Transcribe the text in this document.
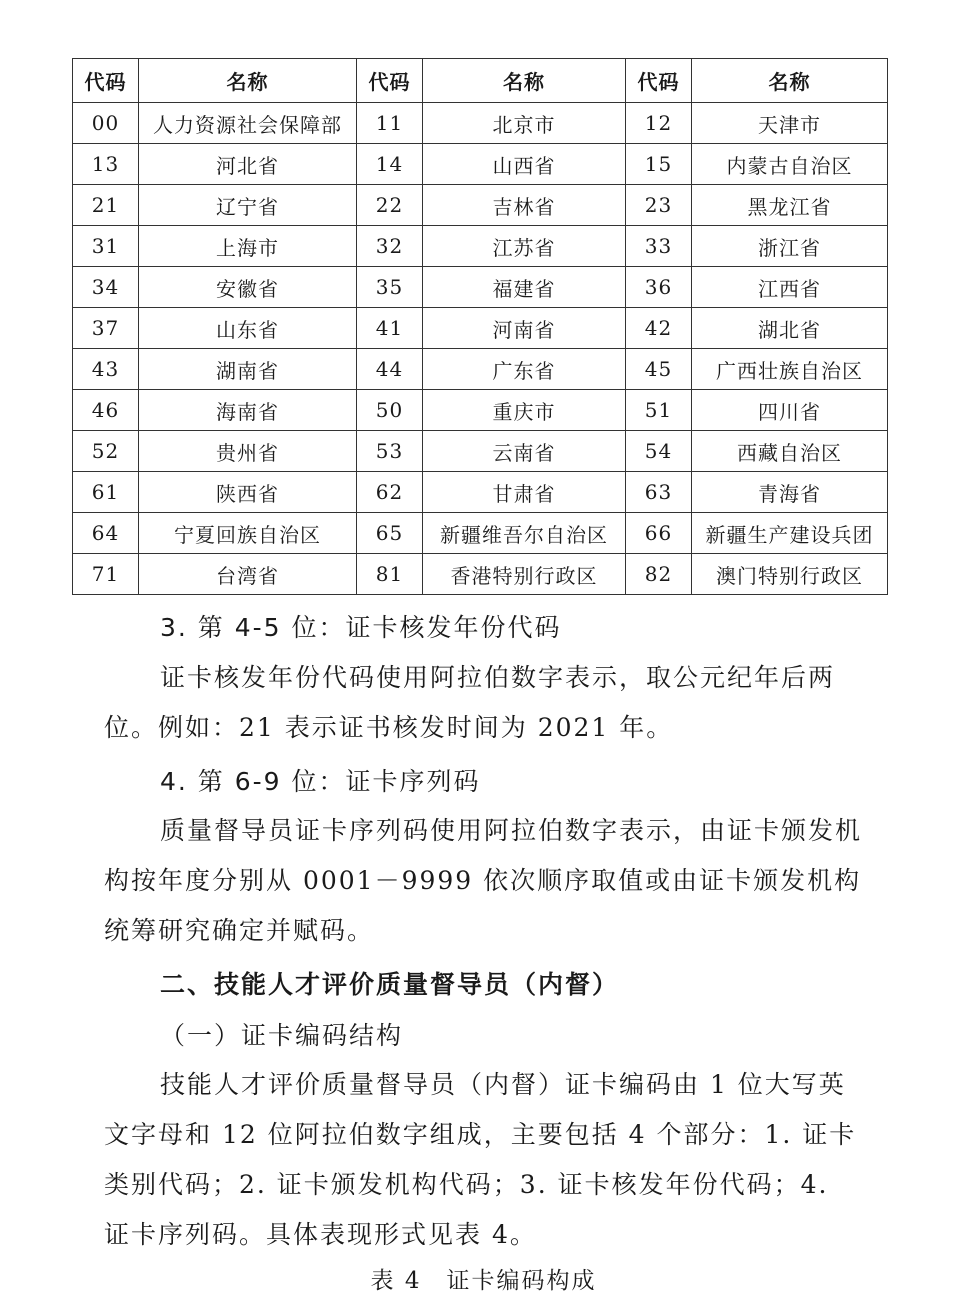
代码	名称	代码	名称	代码	名称
00	人力资源社会保障部	11	北京市	12	天津市
13	河北省	14	山西省	15	内蒙古自治区
21	辽宁省	22	吉林省	23	黑龙江省
31	上海市	32	江苏省	33	浙江省
34	安徽省	35	福建省	36	江西省
37	山东省	41	河南省	42	湖北省
43	湖南省	44	广东省	45	广西壮族自治区
46	海南省	50	重庆市	51	四川省
52	贵州省	53	云南省	54	西藏自治区
61	陕西省	62	甘肃省	63	青海省
64	宁夏回族自治区	65	新疆维吾尔自治区	66	新疆生产建设兵团
71	台湾省	81	香港特别行政区	82	澳门特别行政区
3. 第 4-5 位：证卡核发年份代码
证卡核发年份代码使用阿拉伯数字表示，取公元纪年后两位。例如：21 表示证书核发时间为 2021 年。
4. 第 6-9 位：证卡序列码
质量督导员证卡序列码使用阿拉伯数字表示，由证卡颁发机构按年度分别从 0001－9999 依次顺序取值或由证卡颁发机构统筹研究确定并赋码。
二、技能人才评价质量督导员（内督）
（一）证卡编码结构
技能人才评价质量督导员（内督）证卡编码由 1 位大写英文字母和 12 位阿拉伯数字组成，主要包括 4 个部分：1. 证卡类别代码；2. 证卡颁发机构代码；3. 证卡核发年份代码；4. 证卡序列码。具体表现形式见表 4。
表 4　证卡编码构成
